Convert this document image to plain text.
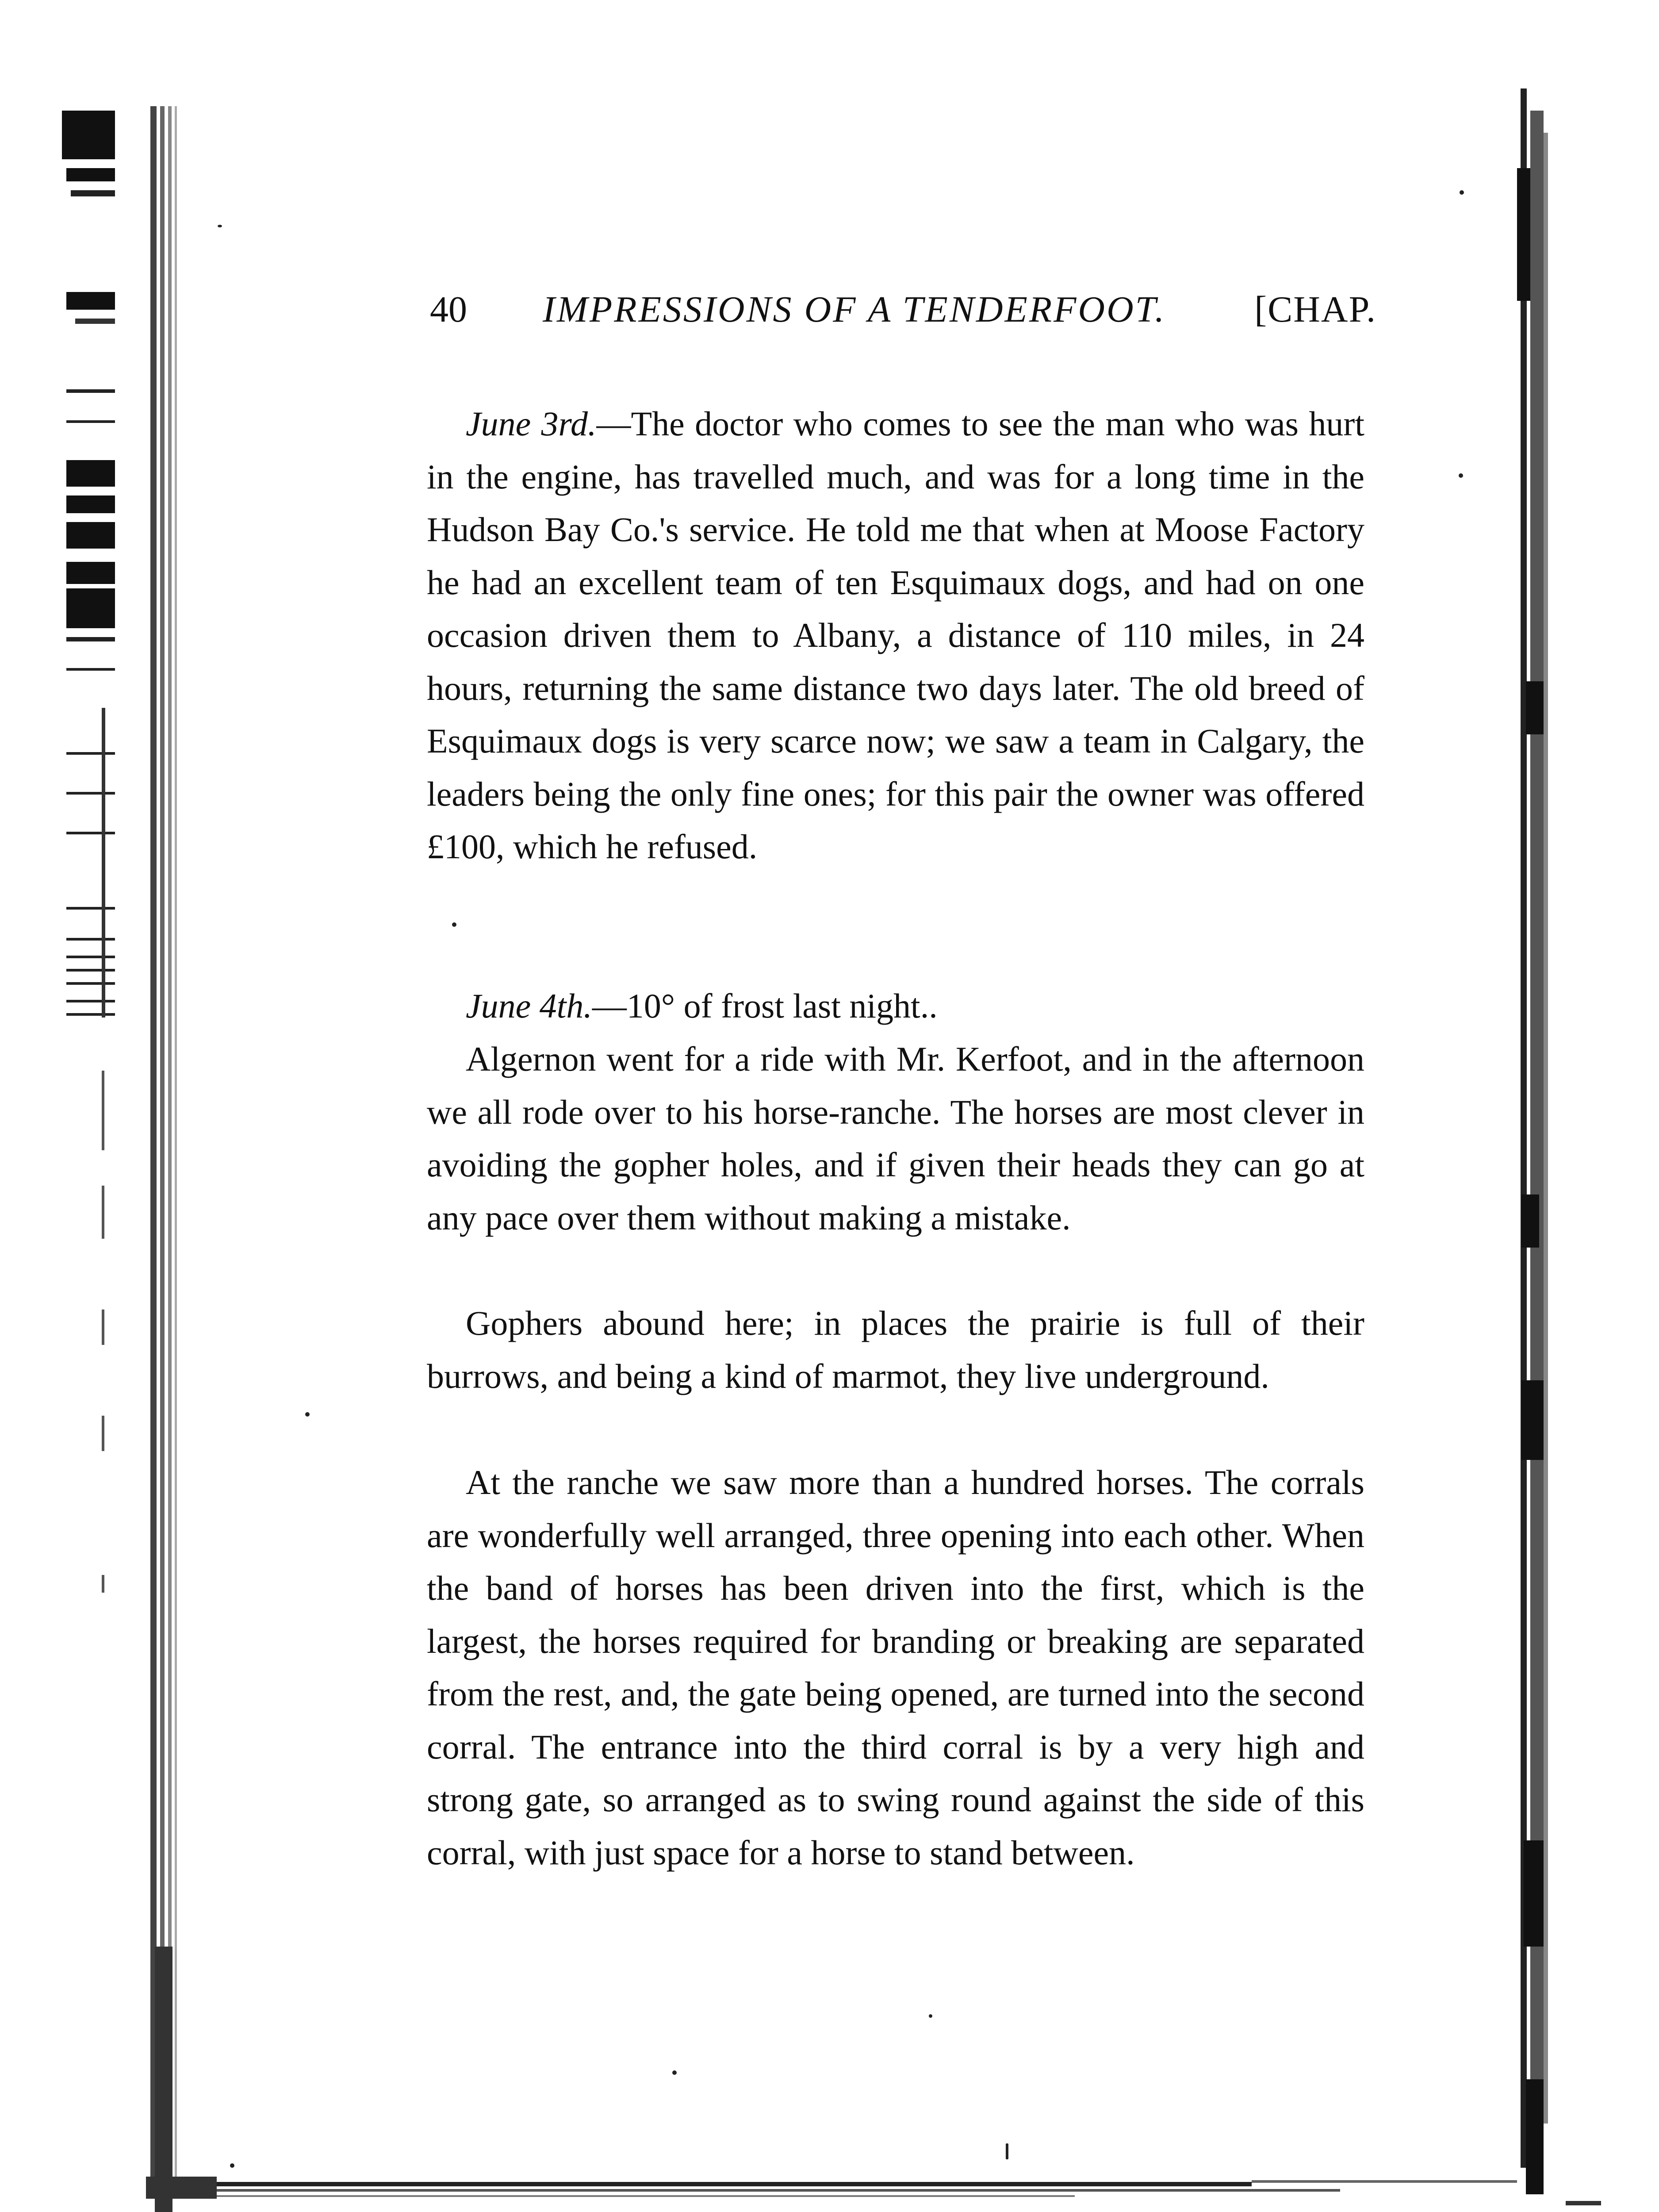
40 IMPRESSIONS OF A TENDERFOOT. [CHAP.

June 3rd.—The doctor who comes to see the man who was hurt in the engine, has travelled much, and was for a long time in the Hudson Bay Co.'s service. He told me that when at Moose Factory he had an excellent team of ten Esquimaux dogs, and had on one occasion driven them to Albany, a distance of 110 miles, in 24 hours, returning the same distance two days later. The old breed of Esquimaux dogs is very scarce now; we saw a team in Calgary, the leaders being the only fine ones; for this pair the owner was offered £100, which he refused.

June 4th.—10° of frost last night..

Algernon went for a ride with Mr. Kerfoot, and in the afternoon we all rode over to his horse-ranche. The horses are most clever in avoiding the gopher holes, and if given their heads they can go at any pace over them without making a mistake.

Gophers abound here; in places the prairie is full of their burrows, and being a kind of marmot, they live underground.

At the ranche we saw more than a hundred horses. The corrals are wonderfully well arranged, three opening into each other. When the band of horses has been driven into the first, which is the largest, the horses required for branding or breaking are separated from the rest, and, the gate being opened, are turned into the second corral. The entrance into the third corral is by a very high and strong gate, so arranged as to swing round against the side of this corral, with just space for a horse to stand between.
